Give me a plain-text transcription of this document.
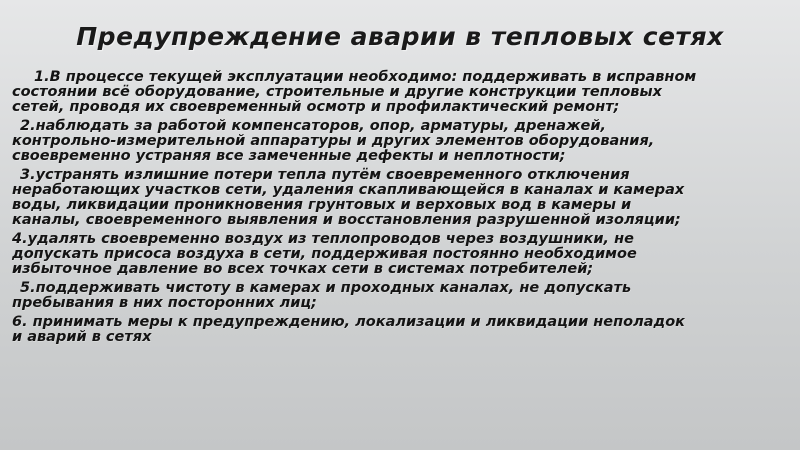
Предупреждение аварии в тепловых сетях

1.В процессе текущей эксплуатации необходимо: поддерживать в исправном состоянии всё оборудование, строительные и другие конструкции тепловых сетей, проводя их своевременный осмотр и профилактический ремонт;

2.наблюдать за работой компенсаторов, опор, арматуры, дренажей, контрольно-измерительной аппаратуры и других элементов оборудования, своевременно устраняя все замеченные дефекты и неплотности;

3.устранять излишние потери тепла путём своевременного отключения неработающих участков сети, удаления скапливающейся в каналах и камерах воды, ликвидации проникновения грунтовых и верховых вод в камеры и каналы, своевременного выявления и восстановления разрушенной изоляции;

4.удалять своевременно воздух из теплопроводов через воздушники, не допускать присоса воздуха в сети, поддерживая постоянно необходимое избыточное давление во всех точках сети в системах потребителей;

5.поддерживать чистоту в камерах и проходных каналах, не допускать пребывания в них посторонних лиц;

6. принимать меры к предупреждению, локализации и ликвидации неполадок и аварий в сетях
